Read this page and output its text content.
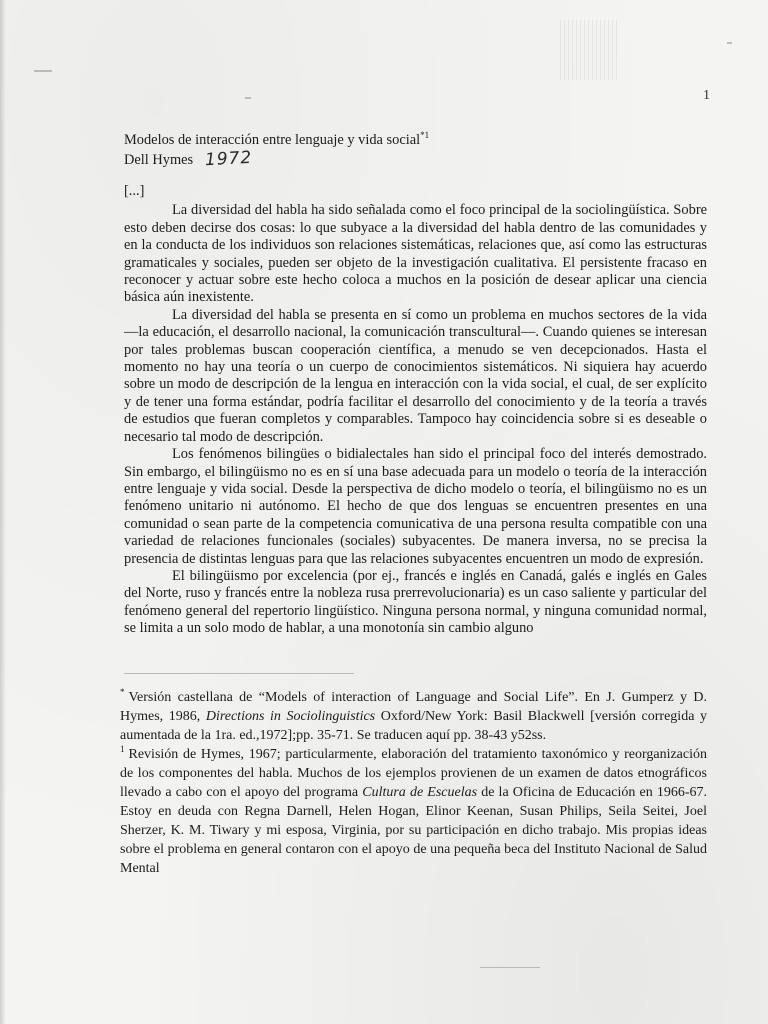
1
Modelos de interacción entre lenguaje y vida social$^{*1}$
Dell Hymes 1972

[...]

La diversidad del habla ha sido señalada como el foco principal de la sociolingüística. Sobre esto deben decirse dos cosas: lo que subyace a la diversidad del habla dentro de las comunidades y en la conducta de los individuos son relaciones sistemáticas, relaciones que, así como las estructuras gramaticales y sociales, pueden ser objeto de la investigación cualitativa. El persistente fracaso en reconocer y actuar sobre este hecho coloca a muchos en la posición de desear aplicar una ciencia básica aún inexistente.

La diversidad del habla se presenta en sí como un problema en muchos sectores de la vida —la educación, el desarrollo nacional, la comunicación transcultural—. Cuando quienes se interesan por tales problemas buscan cooperación científica, a menudo se ven decepcionados. Hasta el momento no hay una teoría o un cuerpo de conocimientos sistemáticos. Ni siquiera hay acuerdo sobre un modo de descripción de la lengua en interacción con la vida social, el cual, de ser explícito y de tener una forma estándar, podría facilitar el desarrollo del conocimiento y de la teoría a través de estudios que fueran completos y comparables. Tampoco hay coincidencia sobre si es deseable o necesario tal modo de descripción.

Los fenómenos bilingües o bidialectales han sido el principal foco del interés demostrado. Sin embargo, el bilingüismo no es en sí una base adecuada para un modelo o teoría de la interacción entre lenguaje y vida social. Desde la perspectiva de dicho modelo o teoría, el bilingüismo no es un fenómeno unitario ni autónomo. El hecho de que dos lenguas se encuentren presentes en una comunidad o sean parte de la competencia comunicativa de una persona resulta compatible con una variedad de relaciones funcionales (sociales) subyacentes. De manera inversa, no se precisa la presencia de distintas lenguas para que las relaciones subyacentes encuentren un modo de expresión.

El bilingüismo por excelencia (por ej., francés e inglés en Canadá, galés e inglés en Gales del Norte, ruso y francés entre la nobleza rusa prerrevolucionaria) es un caso saliente y particular del fenómeno general del repertorio lingüístico. Ninguna persona normal, y ninguna comunidad normal, se limita a un solo modo de hablar, a una monotonía sin cambio alguno

* Versión castellana de “Models of interaction of Language and Social Life”. En J. Gumperz y D. Hymes, 1986, Directions in Sociolinguistics Oxford/New York: Basil Blackwell [versión corregida y aumentada de la 1ra. ed.,1972];pp. 35-71. Se traducen aquí pp. 38-43 y52ss.

$^1$ Revisión de Hymes, 1967; particularmente, elaboración del tratamiento taxonómico y reorganización de los componentes del habla. Muchos de los ejemplos provienen de un examen de datos etnográficos llevado a cabo con el apoyo del programa Cultura de Escuelas de la Oficina de Educación en 1966-67. Estoy en deuda con Regna Darnell, Helen Hogan, Elinor Keenan, Susan Philips, Seila Seitei, Joel Sherzer, K. M. Tiwary y mi esposa, Virginia, por su participación en dicho trabajo. Mis propias ideas sobre el problema en general contaron con el apoyo de una pequeña beca del Instituto Nacional de Salud Mental
